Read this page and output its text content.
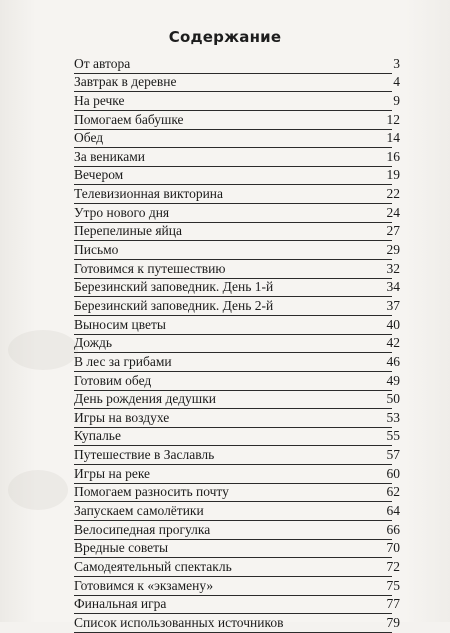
Содержание
От автора	3
Завтрак в деревне	4
На речке	9
Помогаем бабушке	12
Обед	14
За вениками	16
Вечером	19
Телевизионная викторина	22
Утро нового дня	24
Перепелиные яйца	27
Письмо	29
Готовимся к путешествию	32
Березинский заповедник. День 1-й	34
Березинский заповедник. День 2-й	37
Выносим цветы	40
Дождь	42
В лес за грибами	46
Готовим обед	49
День рождения дедушки	50
Игры на воздухе	53
Купалье	55
Путешествие в Заславль	57
Игры на реке	60
Помогаем разносить почту	62
Запускаем самолётики	64
Велосипедная прогулка	66
Вредные советы	70
Самодеятельный спектакль	72
Готовимся к «экзамену»	75
Финальная игра	77
Список использованных источников	79
